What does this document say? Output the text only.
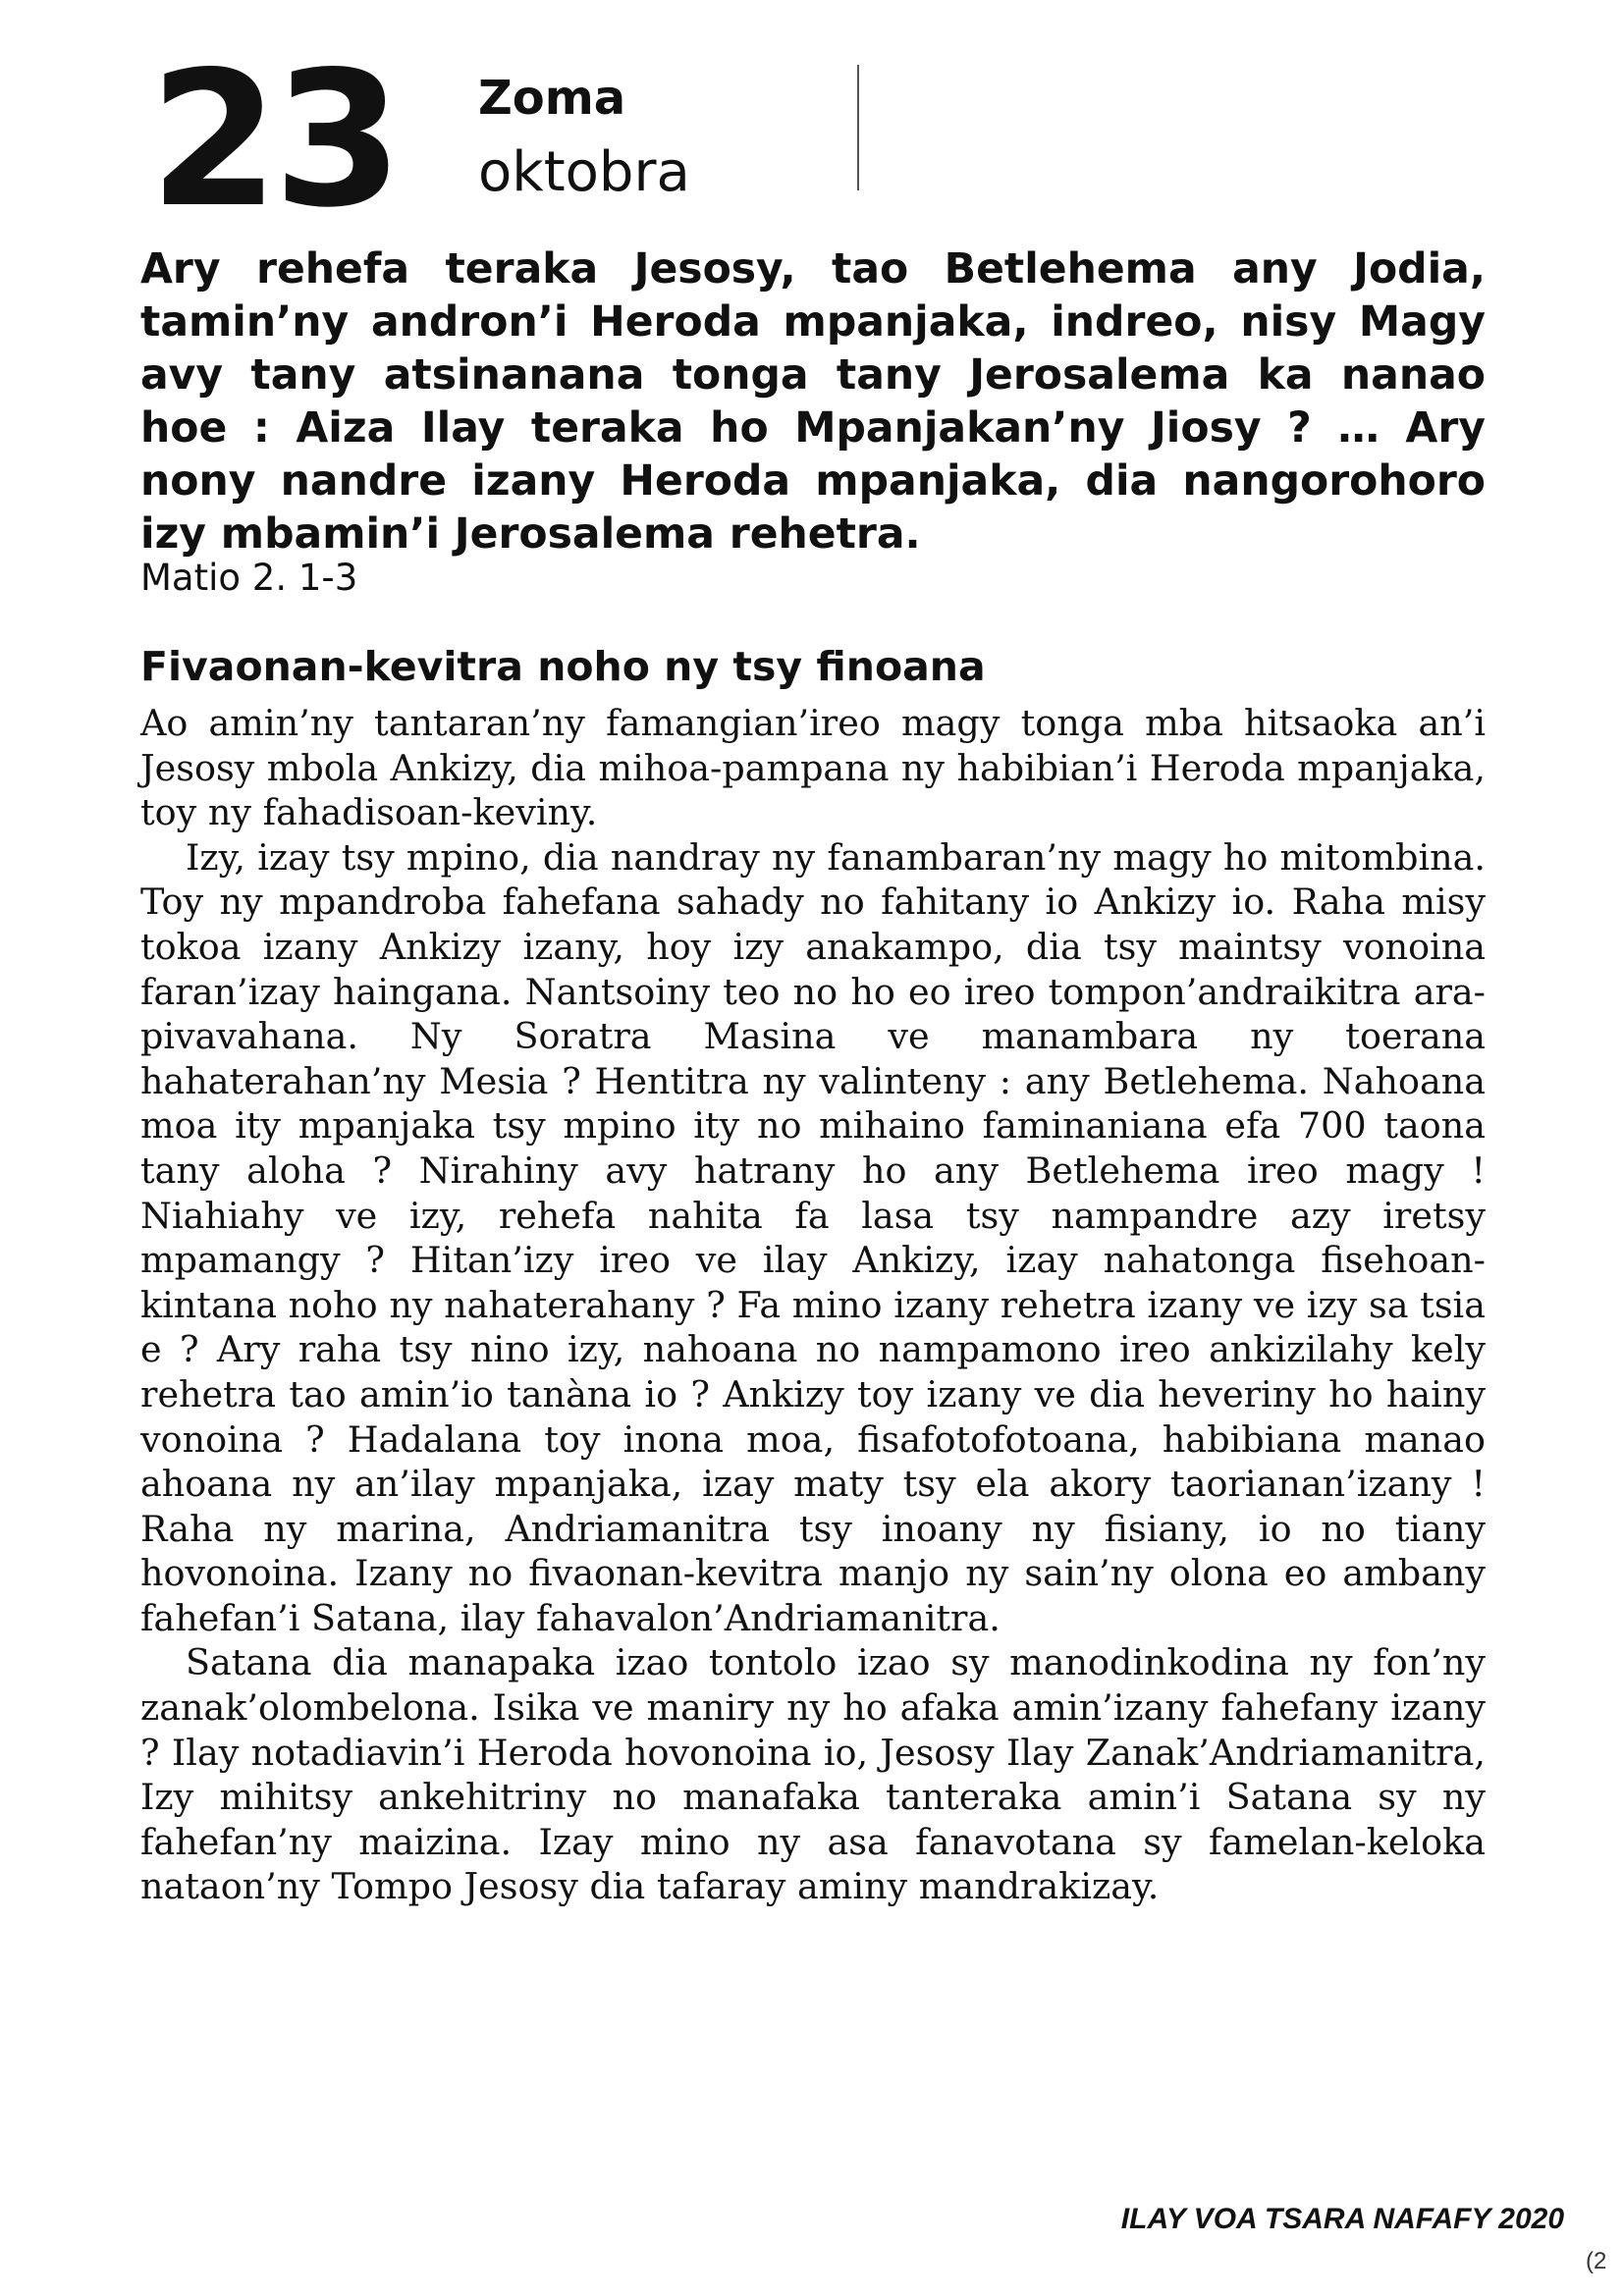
23 Zoma
oktobra

Ary rehefa teraka Jesosy, tao Betlehema any Jodia, tamin’ny andron’i Heroda mpanjaka, indreo, nisy Magy avy tany atsinanana tonga tany Jerosalema ka nanao hoe : Aiza Ilay teraka ho Mpanjakan’ny Jiosy ? … Ary nony nandre izany Heroda mpanjaka, dia nangorohoro izy mbamin’i Jerosalema rehetra.

Matio 2. 1-3
Fivaonan-kevitra noho ny tsy finoana

Ao amin’ny tantaran’ny famangian’ireo magy tonga mba hitsaoka an’i Jesosy mbola Ankizy, dia mihoa-pampana ny habibian’i Heroda mpanjaka, toy ny fahadisoan-keviny.

Izy, izay tsy mpino, dia nandray ny fanambaran’ny magy ho mitombina. Toy ny mpandroba fahefana sahady no fahitany io Ankizy io. Raha misy tokoa izany Ankizy izany, hoy izy anakampo, dia tsy maintsy vonoina faran’izay haingana. Nantsoiny teo no ho eo ireo tompon’andraikitra ara-pivavahana. Ny Soratra Masina ve manambara ny toerana hahaterahan’ny Mesia ? Hentitra ny valinteny : any Betlehema. Nahoana moa ity mpanjaka tsy mpino ity no mihaino faminaniana efa 700 taona tany aloha ? Nirahiny avy hatrany ho any Betlehema ireo magy ! Niahiahy ve izy, rehefa nahita fa lasa tsy nampandre azy iretsy mpamangy ? Hitan’izy ireo ve ilay Ankizy, izay nahatonga fisehoan-kintana noho ny nahaterahany ? Fa mino izany rehetra izany ve izy sa tsia e ? Ary raha tsy nino izy, nahoana no nampamono ireo ankizilahy kely rehetra tao amin’io tanàna io ? Ankizy toy izany ve dia heveriny ho hainy vonoina ? Hadalana toy inona moa, fisafotofotoana, habibiana manao ahoana ny an’ilay mpanjaka, izay maty tsy ela akory taorianan’izany ! Raha ny marina, Andriamanitra tsy inoany ny fisiany, io no tiany hovonoina. Izany no fivaonan-kevitra manjo ny sain’ny olona eo ambany fahefan’i Satana, ilay fahavalon’Andriamanitra.

Satana dia manapaka izao tontolo izao sy manodinkodina ny fon’ny zanak’olombelona. Isika ve maniry ny ho afaka amin’izany fahefany izany ? Ilay notadiavin’i Heroda hovonoina io, Jesosy Ilay Zanak’Andriamanitra, Izy mihitsy ankehitriny no manafaka tanteraka amin’i Satana sy ny fahefan’ny maizina. Izay mino ny asa fanavotana sy famelan-keloka nataon’ny Tompo Jesosy dia tafaray aminy mandrakizay.

ILAY VOA TSARA NAFAFY 2020
(2
